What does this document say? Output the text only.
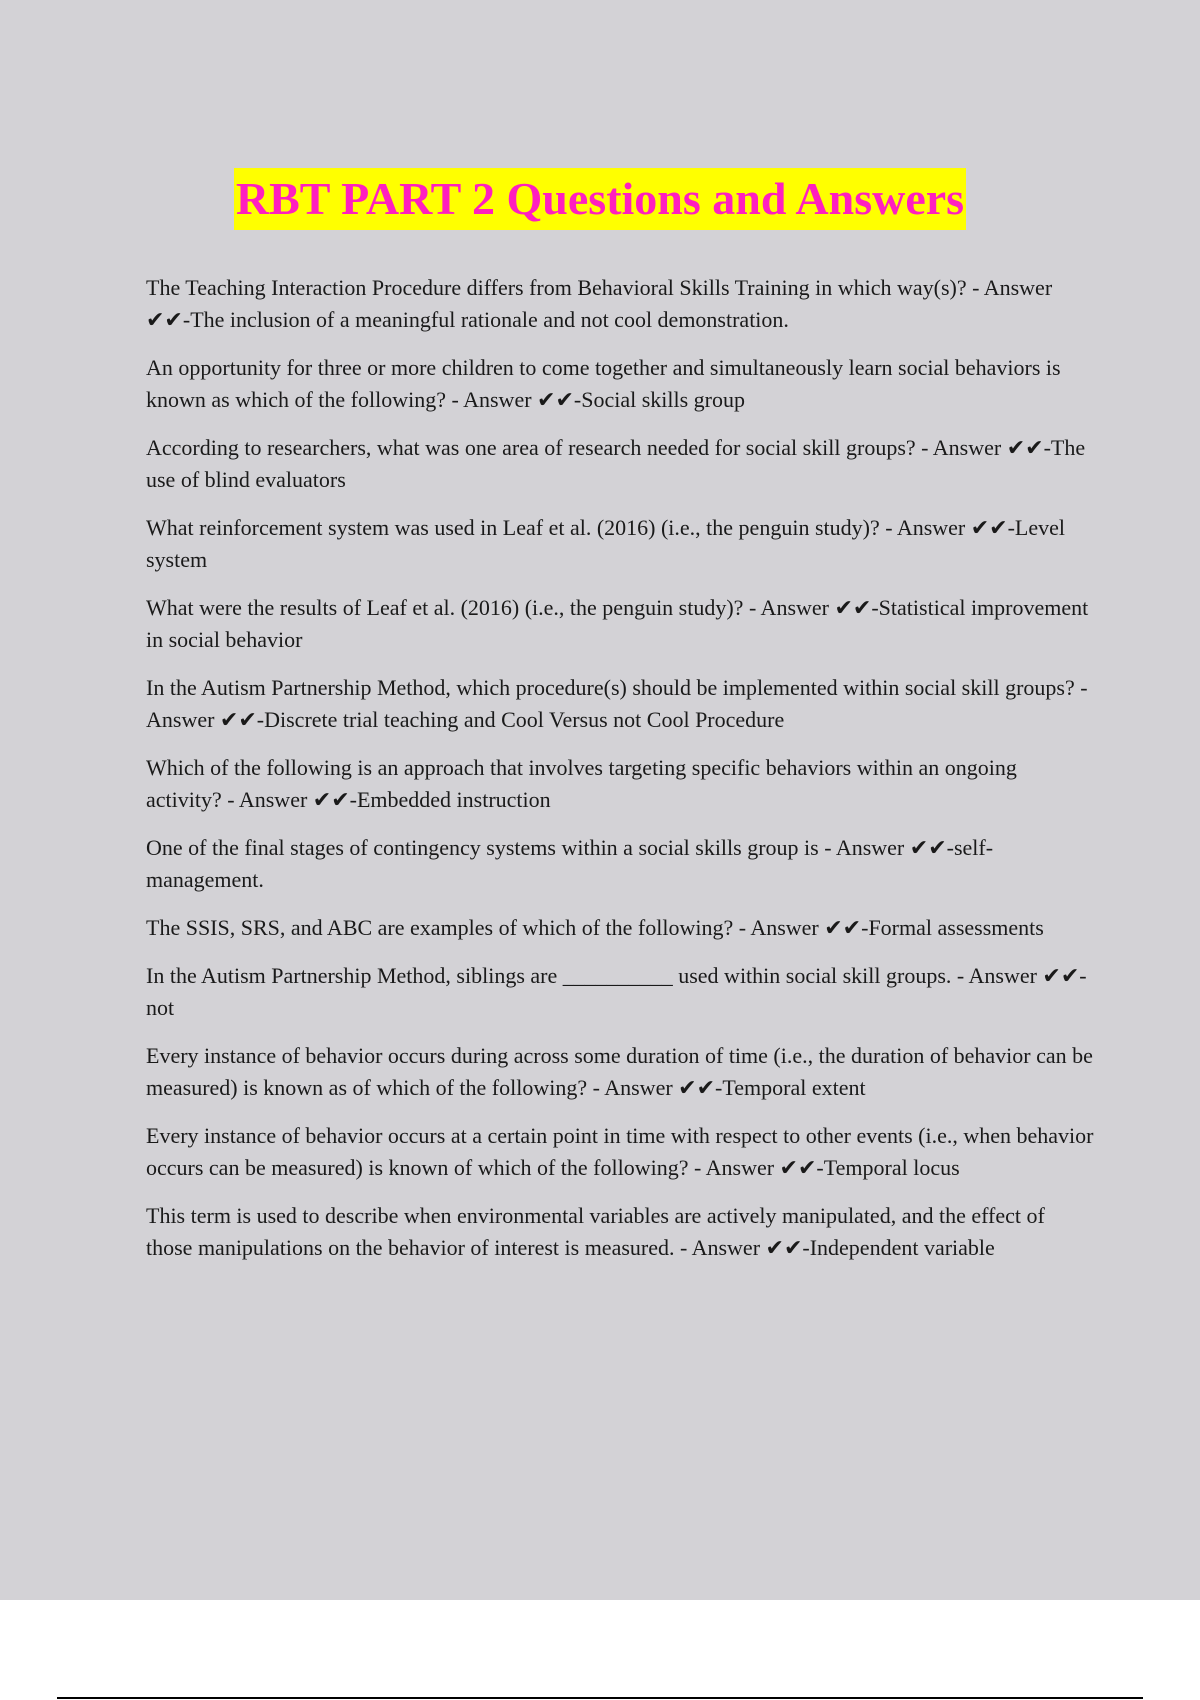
RBT PART 2 Questions and Answers

The Teaching Interaction Procedure differs from Behavioral Skills Training in which way(s)? - Answer ✔✔-The inclusion of a meaningful rationale and not cool demonstration.

An opportunity for three or more children to come together and simultaneously learn social behaviors is known as which of the following? - Answer ✔✔-Social skills group

According to researchers, what was one area of research needed for social skill groups? - Answer ✔✔-The use of blind evaluators

What reinforcement system was used in Leaf et al. (2016) (i.e., the penguin study)? - Answer ✔✔-Level system

What were the results of Leaf et al. (2016) (i.e., the penguin study)? - Answer ✔✔-Statistical improvement in social behavior

In the Autism Partnership Method, which procedure(s) should be implemented within social skill groups? - Answer ✔✔-Discrete trial teaching and Cool Versus not Cool Procedure

Which of the following is an approach that involves targeting specific behaviors within an ongoing activity? - Answer ✔✔-Embedded instruction

One of the final stages of contingency systems within a social skills group is - Answer ✔✔-self-management.

The SSIS, SRS, and ABC are examples of which of the following? - Answer ✔✔-Formal assessments

In the Autism Partnership Method, siblings are __________ used within social skill groups. - Answer ✔✔-not

Every instance of behavior occurs during across some duration of time (i.e., the duration of behavior can be measured) is known as of which of the following? - Answer ✔✔-Temporal extent

Every instance of behavior occurs at a certain point in time with respect to other events (i.e., when behavior occurs can be measured) is known of which of the following? - Answer ✔✔-Temporal locus

This term is used to describe when environmental variables are actively manipulated, and the effect of those manipulations on the behavior of interest is measured. - Answer ✔✔-Independent variable
